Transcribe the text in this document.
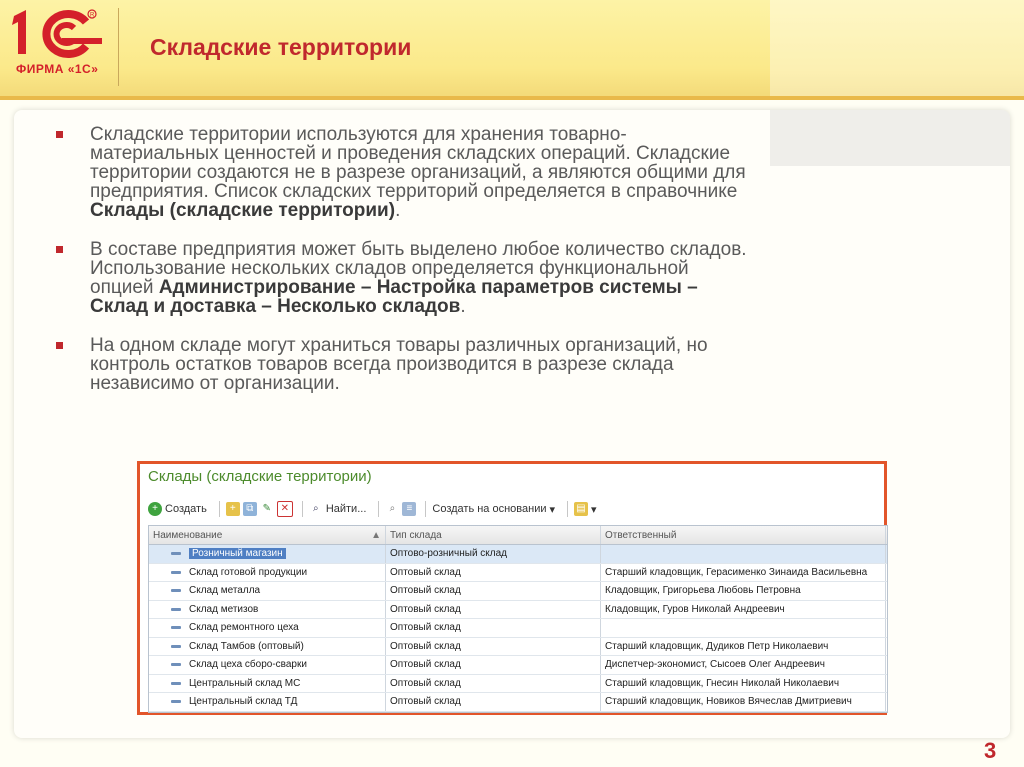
R
ФИРМА «1С»
Складские территории
Складские территории используются для хранения товарно-материальных ценностей и проведения складских операций. Складские территории создаются не в разрезе организаций, а являются общими для предприятия. Список складских территорий определяется в справочнике Склады (складские территории).
В составе предприятия может быть выделено любое количество складов. Использование нескольких складов определяется функциональной опцией Администрирование – Настройка параметров системы – Склад и доставка – Несколько складов.
На одном складе могут храниться товары различных организаций, но контроль остатков товаров всегда производится в разрезе склада независимо от организации.
Склады (складские территории)
+ Создать	+	⧉ ✎ ✕	⌕ Найти...	⌕	≡	Создать на основании ▾ ▤ ▾
Наименование	▲ Тип склада	Ответственный
Розничный магазин	Оптово-розничный склад
Склад готовой продукции	Оптовый склад	Старший кладовщик, Герасименко Зинаида Васильевна
Склад металла	Оптовый склад	Кладовщик, Григорьева Любовь Петровна
Склад метизов	Оптовый склад	Кладовщик, Гуров Николай Андреевич
Склад ремонтного цеха	Оптовый склад
Склад Тамбов (оптовый)	Оптовый склад	Старший кладовщик, Дудиков Петр Николаевич
Склад цеха сборо-сварки	Оптовый склад	Диспетчер-экономист, Сысоев Олег Андреевич
Центральный склад МС	Оптовый склад	Старший кладовщик, Гнесин Николай Николаевич
Центральный склад ТД	Оптовый склад	Старший кладовщик, Новиков Вячеслав Дмитриевич
3
